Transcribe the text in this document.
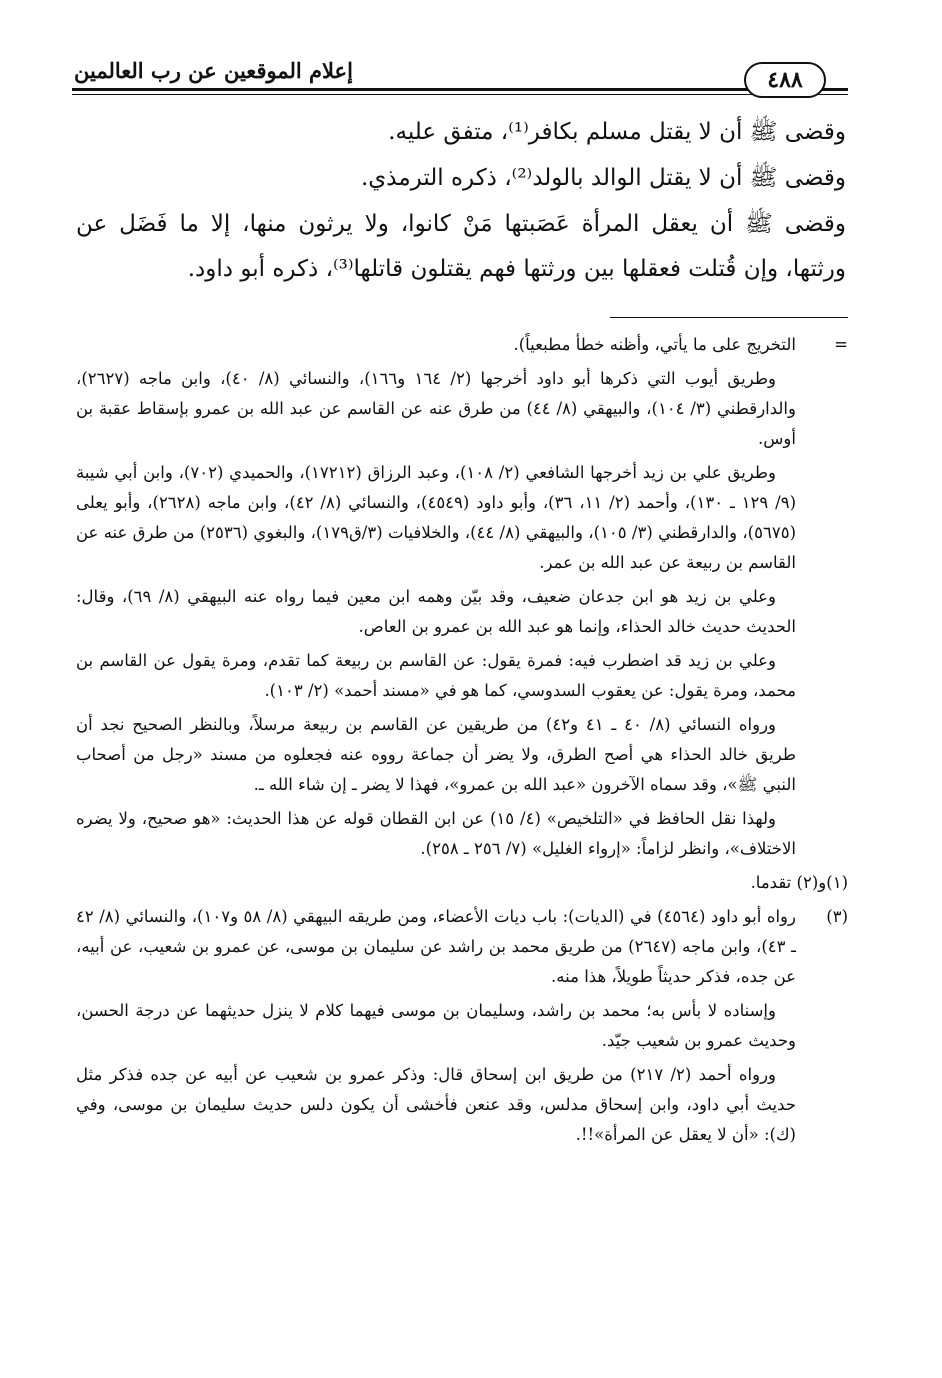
إعلام الموقعين عن رب العالمين	٤٨٨

وقضى ﷺ أن لا يقتل مسلم بكافر⁽¹⁾، متفق عليه.

وقضى ﷺ أن لا يقتل الوالد بالولد⁽²⁾، ذكره الترمذي.

وقضى ﷺ أن يعقل المرأة عَصَبتها مَنْ كانوا، ولا يرثون منها، إلا ما فَضَل عن ورثتها، وإن قُتلت فعقلها بين ورثتها فهم يقتلون قاتلها⁽³⁾، ذكره أبو داود.

=
التخريج على ما يأتي، وأظنه خطأ مطبعياً).

وطريق أيوب التي ذكرها أبو داود أخرجها (٢/ ١٦٤ و١٦٦)، والنسائي (٨/ ٤٠)، وابن ماجه (٢٦٢٧)، والدارقطني (٣/ ١٠٤)، والبيهقي (٨/ ٤٤) من طرق عنه عن القاسم عن عبد الله بن عمرو بإسقاط عقبة بن أوس.

وطريق علي بن زيد أخرجها الشافعي (٢/ ١٠٨)، وعبد الرزاق (١٧٢١٢)، والحميدي (٧٠٢)، وابن أبي شيبة (٩/ ١٢٩ ـ ١٣٠)، وأحمد (٢/ ١١، ٣٦)، وأبو داود (٤٥٤٩)، والنسائي (٨/ ٤٢)، وابن ماجه (٢٦٢٨)، وأبو يعلى (٥٦٧٥)، والدارقطني (٣/ ١٠٥)، والبيهقي (٨/ ٤٤)، والخلافيات (٣/ق١٧٩)، والبغوي (٢٥٣٦) من طرق عنه عن القاسم بن ربيعة عن عبد الله بن عمر.

وعلي بن زيد هو ابن جدعان ضعيف، وقد بيّن وهمه ابن معين فيما رواه عنه البيهقي (٨/ ٦٩)، وقال: الحديث حديث خالد الحذاء، وإنما هو عبد الله بن عمرو بن العاص.

وعلي بن زيد قد اضطرب فيه: فمرة يقول: عن القاسم بن ربيعة كما تقدم، ومرة يقول عن القاسم بن محمد، ومرة يقول: عن يعقوب السدوسي، كما هو في «مسند أحمد» (٢/ ١٠٣).

ورواه النسائي (٨/ ٤٠ ـ ٤١ و٤٢) من طريقين عن القاسم بن ربيعة مرسلاً، وبالنظر الصحيح نجد أن طريق خالد الحذاء هي أصح الطرق، ولا يضر أن جماعة رووه عنه فجعلوه من مسند «رجل من أصحاب النبي ﷺ»، وقد سماه الآخرون «عبد الله بن عمرو»، فهذا لا يضر ـ إن شاء الله ـ.

ولهذا نقل الحافظ في «التلخيص» (٤/ ١٥) عن ابن القطان قوله عن هذا الحديث: «هو صحيح، ولا يضره الاختلاف»، وانظر لزاماً: «إرواء الغليل» (٧/ ٢٥٦ ـ ٢٥٨).

(١)و(٢) تقدما.

(٣)
رواه أبو داود (٤٥٦٤) في (الديات): باب ديات الأعضاء، ومن طريقه البيهقي (٨/ ٥٨ و١٠٧)، والنسائي (٨/ ٤٢ ـ ٤٣)، وابن ماجه (٢٦٤٧) من طريق محمد بن راشد عن سليمان بن موسى، عن عمرو بن شعيب، عن أبيه، عن جده، فذكر حديثاً طويلاً، هذا منه.

وإسناده لا بأس به؛ محمد بن راشد، وسليمان بن موسى فيهما كلام لا ينزل حديثهما عن درجة الحسن، وحديث عمرو بن شعيب جيّد.

ورواه أحمد (٢/ ٢١٧) من طريق ابن إسحاق قال: وذكر عمرو بن شعيب عن أبيه عن جده فذكر مثل حديث أبي داود، وابن إسحاق مدلس، وقد عنعن فأخشى أن يكون دلس حديث سليمان بن موسى، وفي (ك): «أن لا يعقل عن المرأة»!!.
